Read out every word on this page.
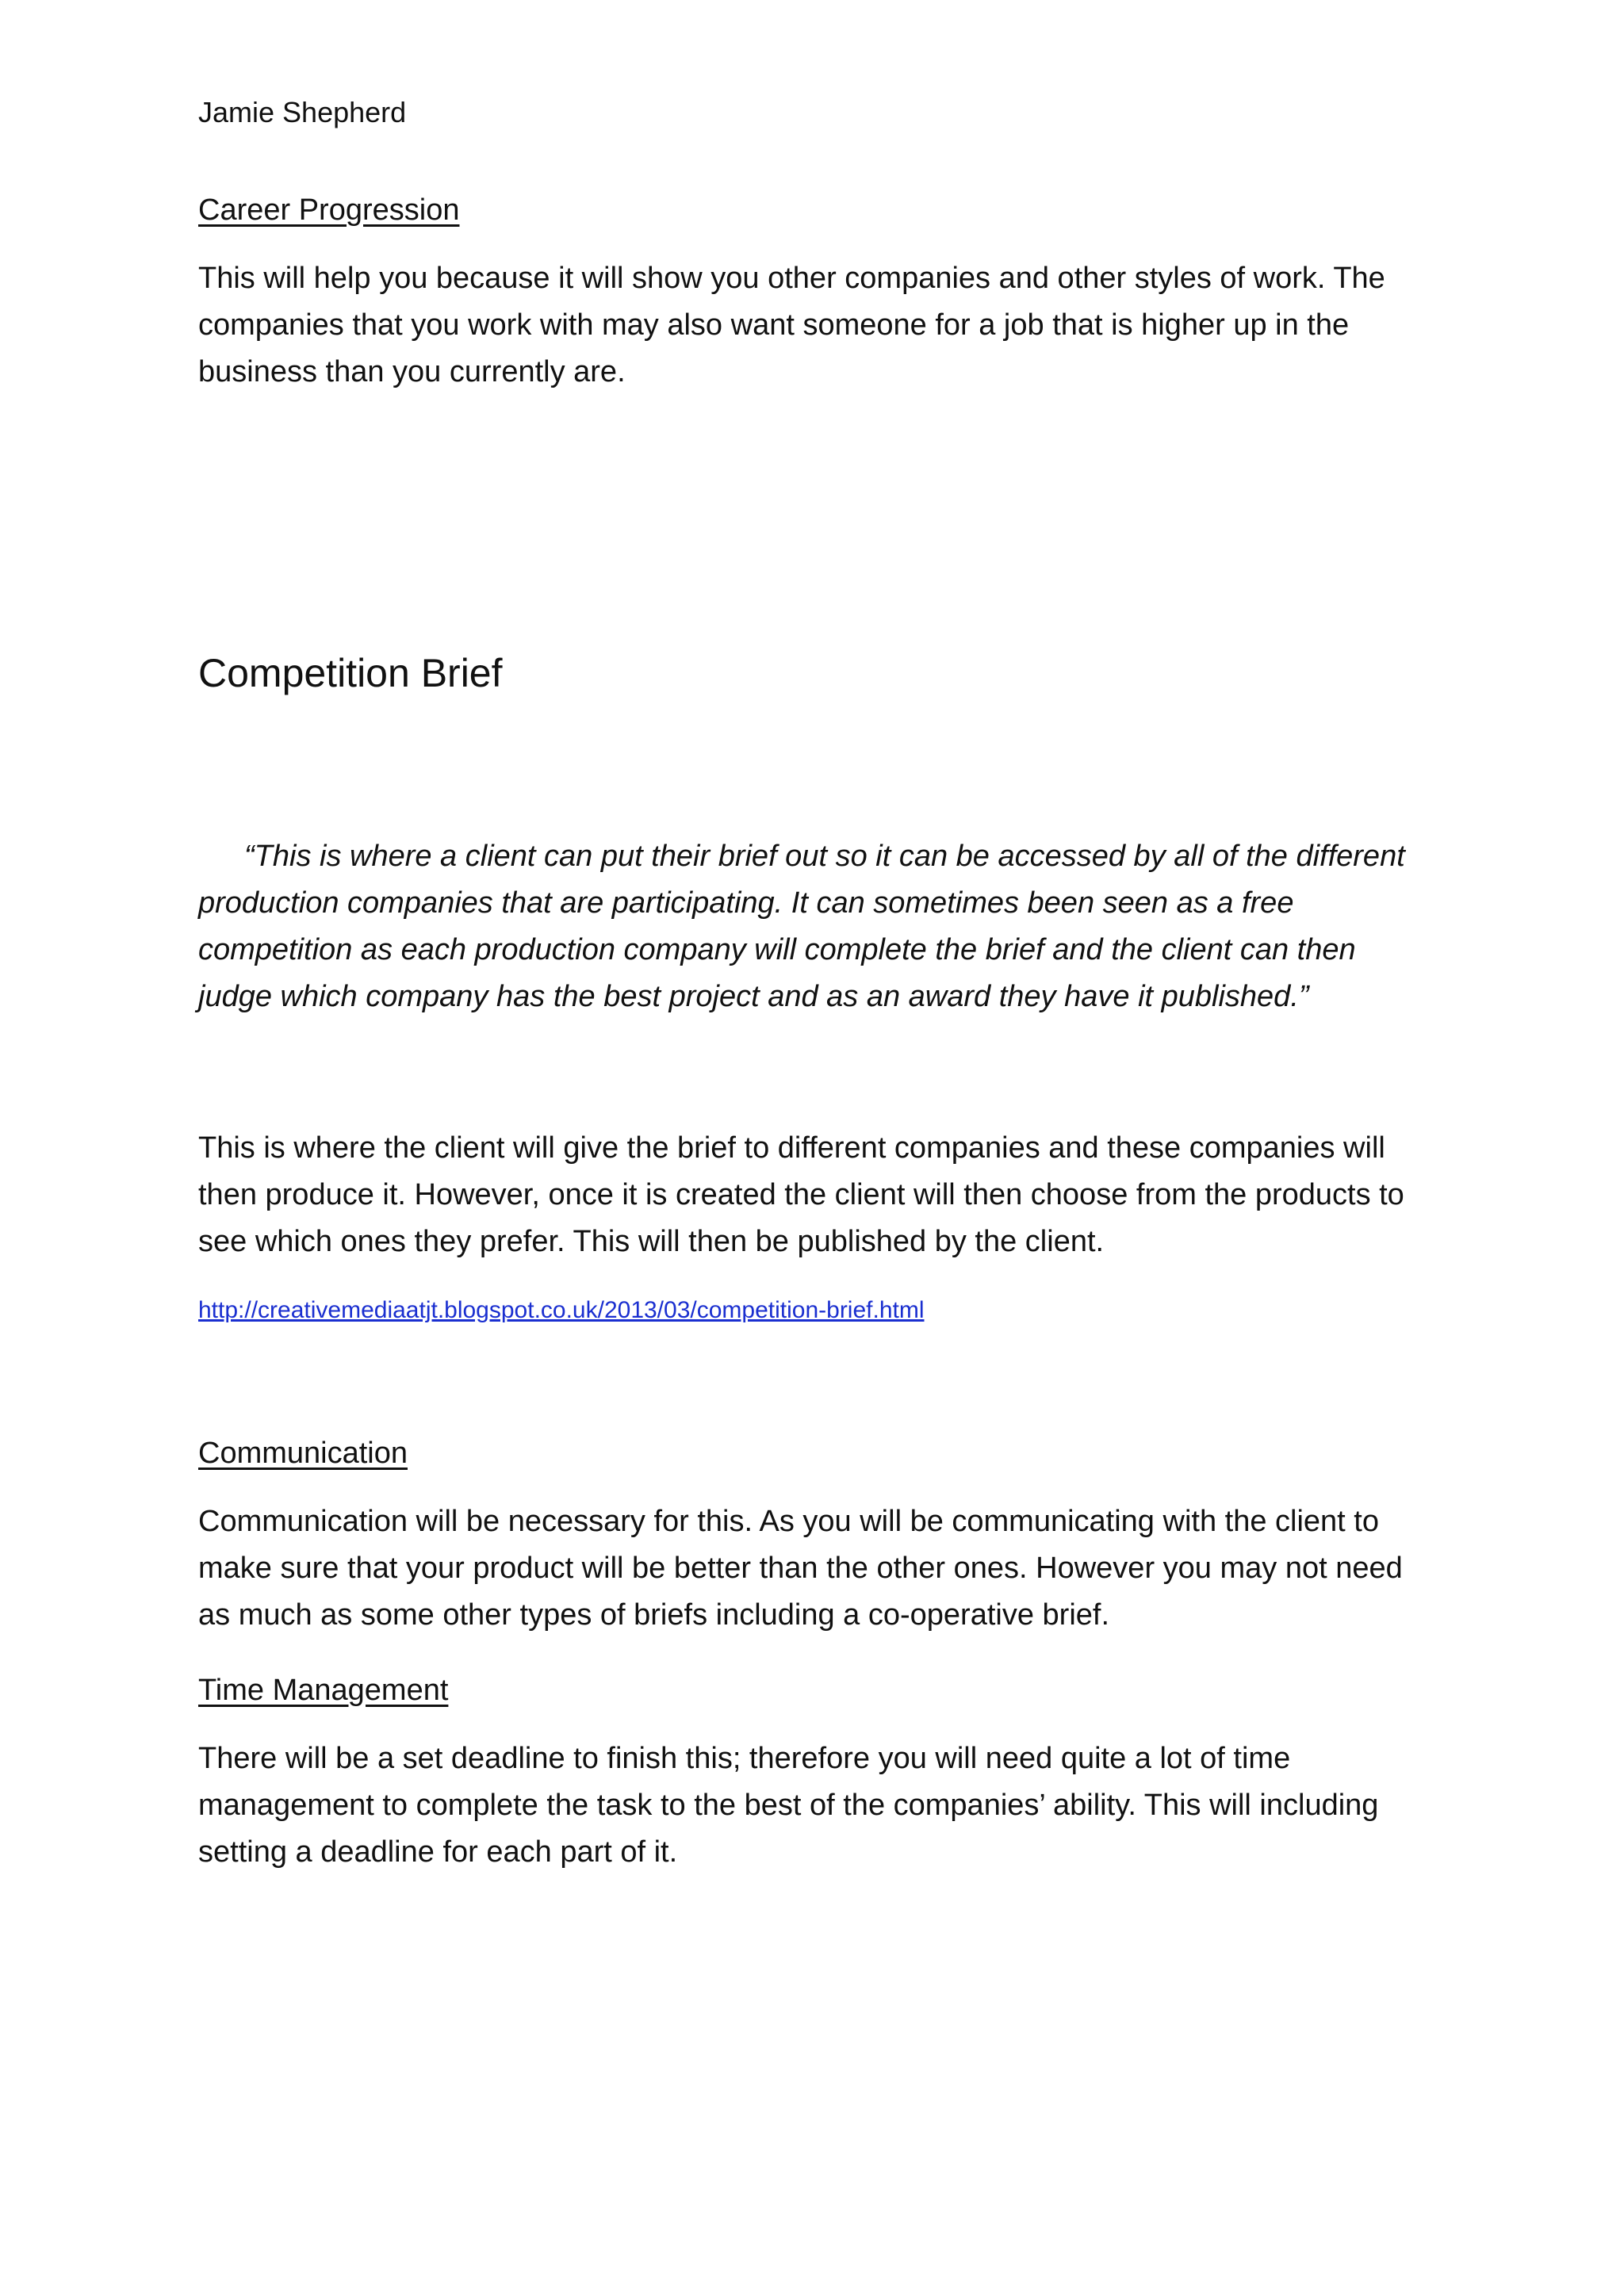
Jamie Shepherd
Career Progression

This will help you because it will show you other companies and other styles of work. The companies that you work with may also want someone for a job that is higher up in the business than you currently are.

Competition Brief

“This is where a client can put their brief out so it can be accessed by all of the different production companies that are participating. It can sometimes been seen as a free competition as each production company will complete the brief and the client can then judge which company has the best project and as an award they have it published.”

This is where the client will give the brief to different companies and these companies will then produce it. However, once it is created the client will then choose from the products to see which ones they prefer. This will then be published by the client.

http://creativemediaatjt.blogspot.co.uk/2013/03/competition-brief.html
Communication

Communication will be necessary for this. As you will be communicating with the client to make sure that your product will be better than the other ones. However you may not need as much as some other types of briefs including a co-operative brief.

Time Management

There will be a set deadline to finish this; therefore you will need quite a lot of time management to complete the task to the best of the companies’ ability. This will including setting a deadline for each part of it.
